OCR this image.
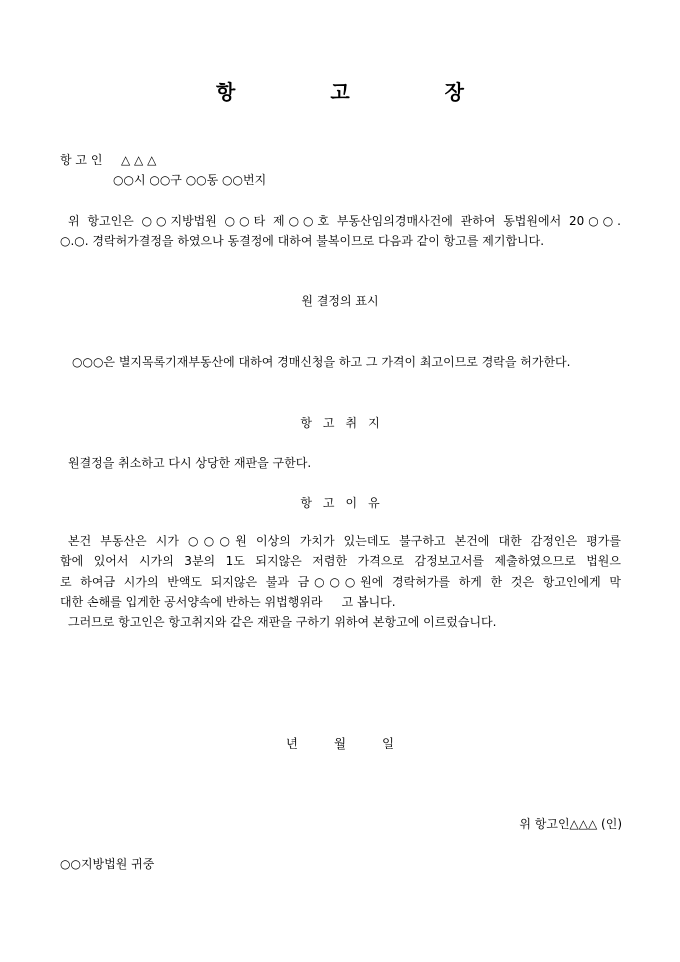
항 고 장
항 고 인 △ △ △
○○시 ○○구 ○○동 ○○번지
위 항고인은 ○○지방법원 ○○타 제○○호 부동산임의경매사건에 관하여 동법원에서 20○○.
○.○. 경락허가결정을 하였으나 동결정에 대하여 불복이므로 다음과 같이 항고를 제기합니다.
원 결정의 표시
○○○은 별지목록기재부동산에 대하여 경매신청을 하고 그 가격이 최고이므로 경락을 허가한다.
항고취지
원결정을 취소하고 다시 상당한 재판을 구한다.
항고이유
본건 부동산은 시가 ○○○원 이상의 가치가 있는데도 불구하고 본건에 대한 감정인은 평가를
함에 있어서 시가의 3분의 1도 되지않은 저렴한 가격으로 감정보고서를 제출하였으므로 법원으
로 하여금 시가의 반액도 되지않은 불과 금○○○원에 경락허가를 하게 한 것은 항고인에게 막
대한 손해를 입게한 공서양속에 반하는 위법행위라     고 봅니다.
그러므로 항고인은 항고취지와 같은 재판을 구하기 위하여 본항고에 이르렀습니다.
년월일
위 항고인△△△ (인)
○○지방법원 귀중
